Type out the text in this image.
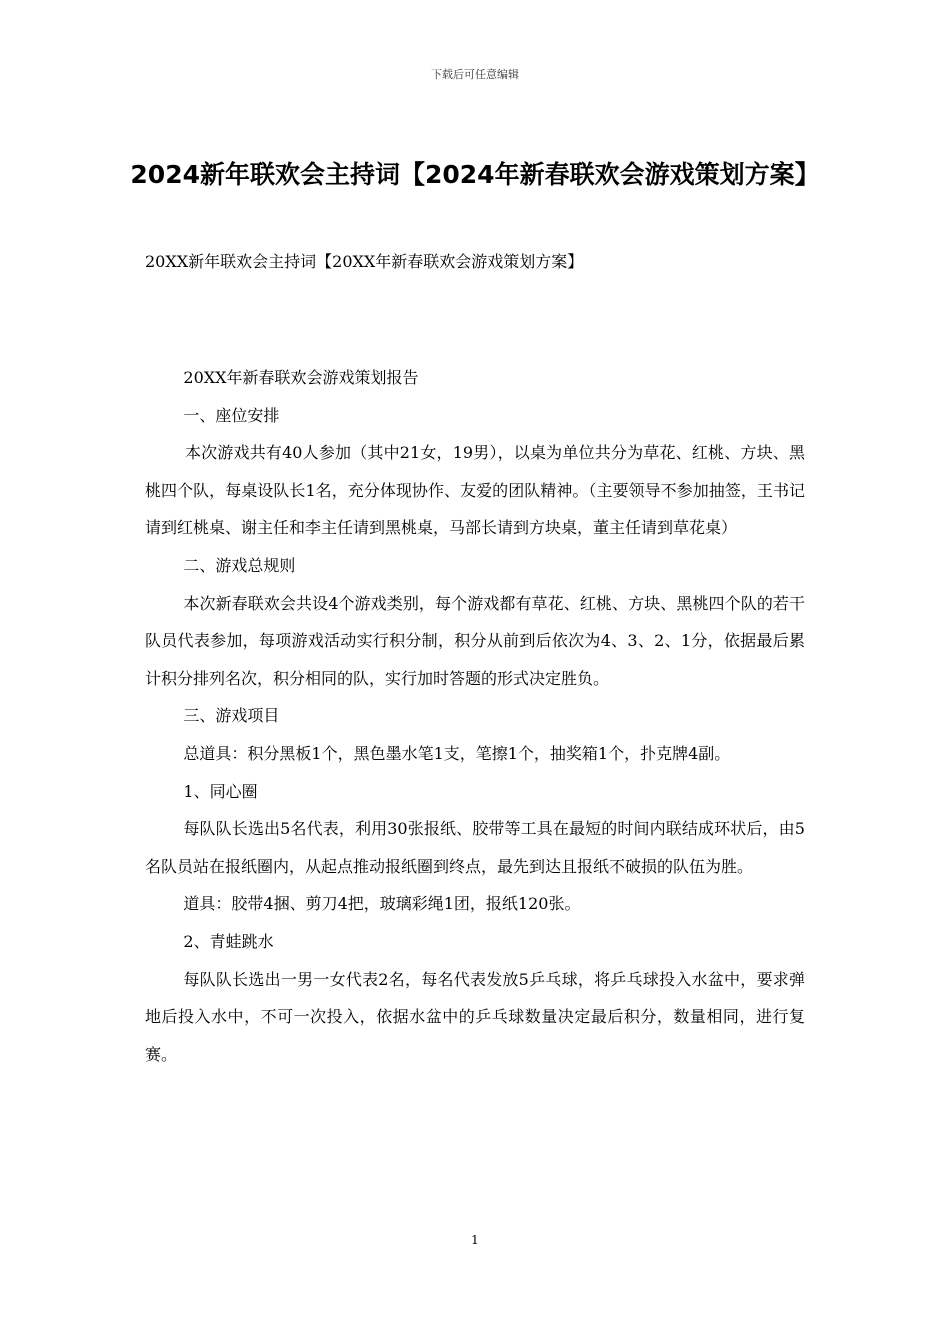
下载后可任意编辑
2024新年联欢会主持词【2024年新春联欢会游戏策划方案】
20XX新年联欢会主持词【20XX年新春联欢会游戏策划方案】

20XX年新春联欢会游戏策划报告

一、座位安排

本次游戏共有40人参加（其中21女，19男），以桌为单位共分为草花、红桃、方块、黑桃四个队，每桌设队长1名，充分体现协作、友爱的团队精神。（主要领导不参加抽签，王书记请到红桃桌、谢主任和李主任请到黑桃桌，马部长请到方块桌，董主任请到草花桌）

二、游戏总规则

本次新春联欢会共设4个游戏类别，每个游戏都有草花、红桃、方块、黑桃四个队的若干队员代表参加，每项游戏活动实行积分制，积分从前到后依次为4、3、2、1分，依据最后累计积分排列名次，积分相同的队，实行加时答题的形式决定胜负。

三、游戏项目

总道具：积分黑板1个，黑色墨水笔1支，笔擦1个，抽奖箱1个，扑克牌4副。

1、同心圈

每队队长选出5名代表，利用30张报纸、胶带等工具在最短的时间内联结成环状后，由5名队员站在报纸圈内，从起点推动报纸圈到终点，最先到达且报纸不破损的队伍为胜。

道具：胶带4捆、剪刀4把，玻璃彩绳1团，报纸120张。

2、青蛙跳水

每队队长选出一男一女代表2名，每名代表发放5乒乓球，将乒乓球投入水盆中，要求弹地后投入水中，不可一次投入，依据水盆中的乒乓球数量决定最后积分，数量相同，进行复赛。

1
